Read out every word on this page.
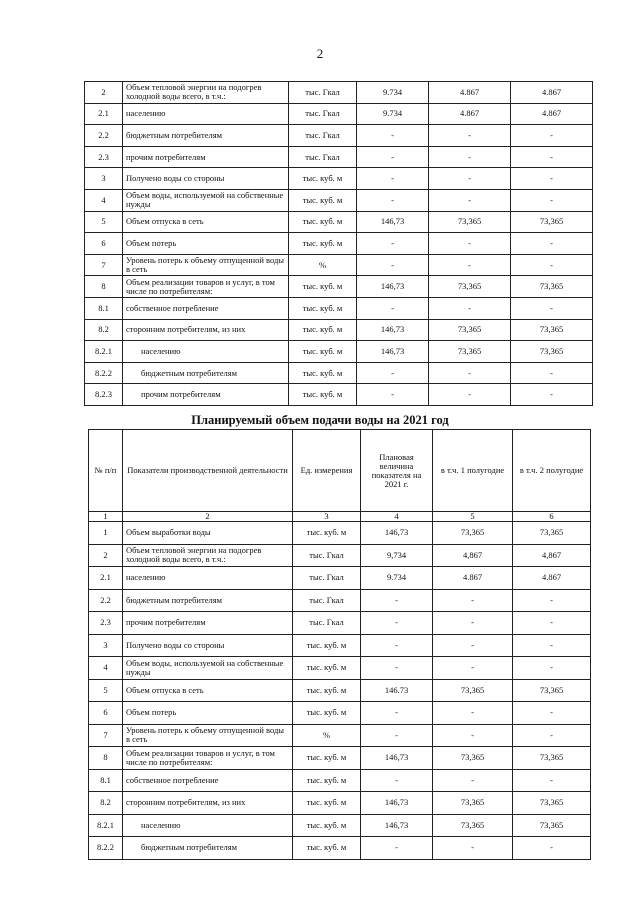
2
2	Объем тепловой энергии на подогрев холодной воды всего, в т.ч.:	тыс. Гкал	9.734	4.867	4.867
2.1	населению	тыс. Гкал	9.734	4.867	4.867
2.2	бюджетным потребителям	тыс. Гкал	-	-	-
2.3	прочим потребителям	тыс. Гкал	-	-	-
3	Получено воды со стороны	тыс. куб. м	-	-	-
4	Объем воды, используемой на собственные нужды	тыс. куб. м	-	-	-
5	Объем отпуска в сеть	тыс. куб. м	146,73	73,365	73,365
6	Объем потерь	тыс. куб. м	-	-	-
7	Уровень потерь к объему отпущенной воды в сеть	%	-	-	-
8	Объем реализации товаров и услуг, в том числе по потребителям:	тыс. куб. м	146,73	73,365	73,365
8.1	собственное потребление	тыс. куб. м	-	-	-
8.2	сторонним потребителям, из них	тыс. куб. м	146,73	73,365	73,365
8.2.1	населению	тыс. куб. м	146,73	73,365	73,365
8.2.2	бюджетным потребителям	тыс. куб. м	-	-	-
8.2.3	прочим потребителям	тыс. куб. м	-	-	-
Планируемый объем подачи воды на 2021 год
№ п/п	Показатели производственной деятельности	Ед. измерения	Плановая величина показателя на 2021 г.	в т.ч. 1 полугодие	в т.ч. 2 полугодие
1	2	3	4	5	6
1	Объем выработки воды	тыс. куб. м	146,73	73,365	73,365
2	Объем тепловой энергии на подогрев холодной воды всего, в т.ч.:	тыс. Гкал	9,734	4,867	4,867
2.1	населению	тыс. Гкал	9.734	4.867	4.867
2.2	бюджетным потребителям	тыс. Гкал	-	-	-
2.3	прочим потребителям	тыс. Гкал	-	-	-
3	Получено воды со стороны	тыс. куб. м	-	-	-
4	Объем воды, используемой на собственные нужды	тыс. куб. м	-	-	-
5	Объем отпуска в сеть	тыс. куб. м	146.73	73,365	73,365
6	Объем потерь	тыс. куб. м	-	-	-
7	Уровень потерь к объему отпущенной воды в сеть	%	-	-	-
8	Объем реализации товаров и услуг, в том числе по потребителям:	тыс. куб. м	146,73	73,365	73,365
8.1	собственное потребление	тыс. куб. м	-	-	-
8.2	сторонним потребителям, из них	тыс. куб. м	146,73	73,365	73,365
8.2.1	населению	тыс. куб. м	146,73	73,365	73,365
8.2.2	бюджетным потребителям	тыс. куб. м	-	-	-
